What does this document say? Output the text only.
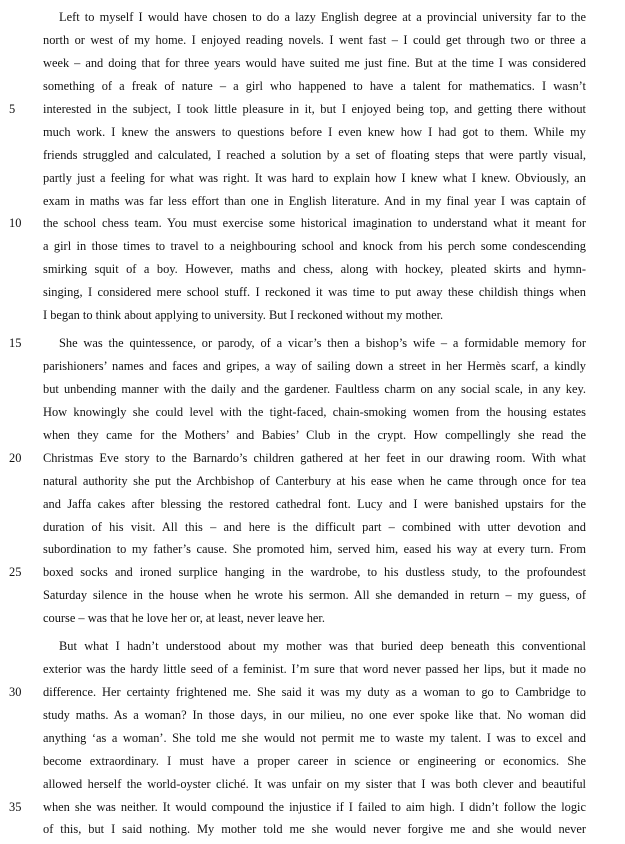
Left to myself I would have chosen to do a lazy English degree at a provincial university far to the
north or west of my home. I enjoyed reading novels. I went fast – I could get through two or three a
week – and doing that for three years would have suited me just fine. But at the time I was considered
something of a freak of nature – a girl who happened to have a talent for mathematics. I wasn’t
interested in the subject, I took little pleasure in it, but I enjoyed being top, and getting there without
much work. I knew the answers to questions before I even knew how I had got to them. While my
friends struggled and calculated, I reached a solution by a set of floating steps that were partly visual,
partly just a feeling for what was right. It was hard to explain how I knew what I knew. Obviously, an
exam in maths was far less effort than one in English literature. And in my final year I was captain of
the school chess team. You must exercise some historical imagination to understand what it meant for
a girl in those times to travel to a neighbouring school and knock from his perch some condescending
smirking squit of a boy. However, maths and chess, along with hockey, pleated skirts and hymn-
singing, I considered mere school stuff. I reckoned it was time to put away these childish things when
I began to think about applying to university. But I reckoned without my mother.
She was the quintessence, or parody, of a vicar’s then a bishop’s wife – a formidable memory for
parishioners’ names and faces and gripes, a way of sailing down a street in her Hermès scarf, a kindly
but unbending manner with the daily and the gardener. Faultless charm on any social scale, in any key.
How knowingly she could level with the tight-faced, chain-smoking women from the housing estates
when they came for the Mothers’ and Babies’ Club in the crypt. How compellingly she read the
Christmas Eve story to the Barnardo’s children gathered at her feet in our drawing room. With what
natural authority she put the Archbishop of Canterbury at his ease when he came through once for tea
and Jaffa cakes after blessing the restored cathedral font. Lucy and I were banished upstairs for the
duration of his visit. All this – and here is the difficult part – combined with utter devotion and
subordination to my father’s cause. She promoted him, served him, eased his way at every turn. From
boxed socks and ironed surplice hanging in the wardrobe, to his dustless study, to the profoundest
Saturday silence in the house when he wrote his sermon. All she demanded in return – my guess, of
course – was that he love her or, at least, never leave her.
But what I hadn’t understood about my mother was that buried deep beneath this conventional
exterior was the hardy little seed of a feminist. I’m sure that word never passed her lips, but it made no
difference. Her certainty frightened me. She said it was my duty as a woman to go to Cambridge to
study maths. As a woman? In those days, in our milieu, no one ever spoke like that. No woman did
anything ‘as a woman’. She told me she would not permit me to waste my talent. I was to excel and
become extraordinary. I must have a proper career in science or engineering or economics. She
allowed herself the world-oyster cliché. It was unfair on my sister that I was both clever and beautiful
when she was neither. It would compound the injustice if I failed to aim high. I didn’t follow the logic
of this, but I said nothing. My mother told me she would never forgive me and she would never
5
10
15
20
25
30
35
